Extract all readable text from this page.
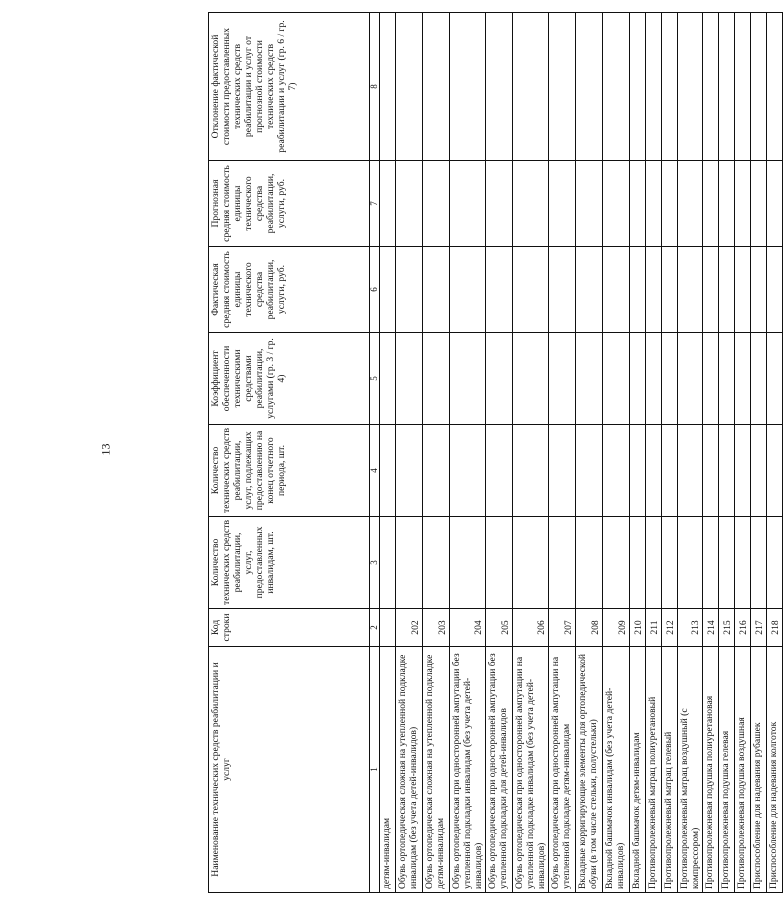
13
Наименование технических средств реабилитации и услуг	Код строки	Количество технических средств реабилитации, услуг, предоставленных инвалидам, шт.	Количество технических средств реабилитации, услуг, подлежащих предоставлению на конец отчетного периода, шт.	Коэффициент обеспеченности техническими средствами реабилитации, услугами (гр. 3 / гр. 4)	Фактическая средняя стоимость единицы технического средства реабилитации, услуги, руб.	Прогнозная средняя стоимость единицы технического средства реабилитации, услуги, руб.	Отклонение фактической стоимости предоставленных технических средств реабилитации и услуг от прогнозной стоимости технических средств реабилитации и услуг (гр. 6 / гр. 7)
1	2	3	4	5	6	7	8
детям-инвалидам							
Обувь ортопедическая сложная на утепленной подкладке инвалидам (без учета детей-инвалидов)	202						
Обувь ортопедическая сложная на утепленной подкладке детям-инвалидам	203						
Обувь ортопедическая при односторонней ампутации без утепленной подкладки инвалидам (без учета детей-инвалидов)	204						
Обувь ортопедическая при односторонней ампутации без утепленной подкладки для детей-инвалидов	205						
Обувь ортопедическая при односторонней ампутации на утепленной подкладке инвалидам (без учета детей-инвалидов)	206						
Обувь ортопедическая при односторонней ампутации на утепленной подкладке детям-инвалидам	207						
Вкладные корригирующие элементы для ортопедической обуви (в том числе стельки, полустельки)	208						
Вкладной башмачок инвалидам (без учета детей-инвалидов)	209						
Вкладной башмачок детям-инвалидам	210						
Противопролежневый матрац полиуретановый	211						
Противопролежневый матрац гелевый	212						
Противопролежневый матрац воздушный (с компрессором)	213						
Противопролежневая подушка полиуретановая	214						
Противопролежневая подушка гелевая	215						
Противопролежневая подушка воздушная	216						
Приспособление для надевания рубашек	217						
Приспособление для надевания колготок	218						
